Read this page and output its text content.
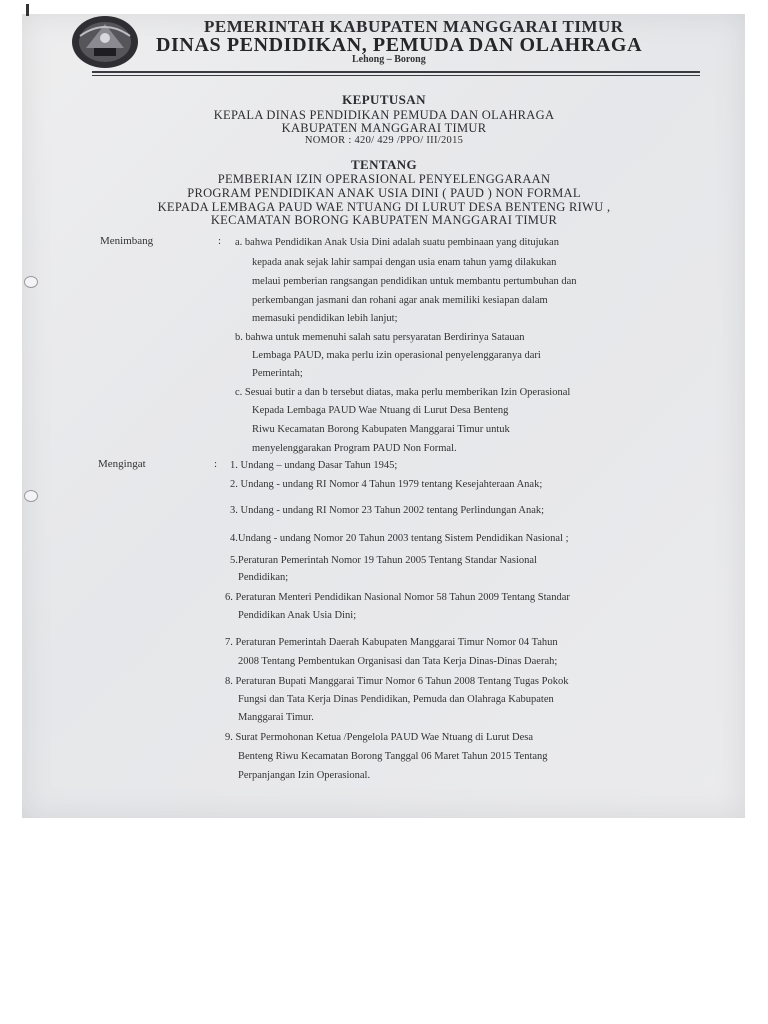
PEMERINTAH KABUPATEN MANGGARAI TIMUR
DINAS PENDIDIKAN, PEMUDA DAN OLAHRAGA
Lehong – Borong
KEPUTUSAN
KEPALA DINAS PENDIDIKAN PEMUDA DAN OLAHRAGA
KABUPATEN MANGGARAI TIMUR
NOMOR : 420/ 429 /PPO/ III/2015
TENTANG
PEMBERIAN IZIN OPERASIONAL PENYELENGGARAAN
PROGRAM PENDIDIKAN ANAK USIA DINI ( PAUD ) NON FORMAL
KEPADA LEMBAGA PAUD WAE NTUANG DI LURUT DESA BENTENG RIWU ,
KECAMATAN BORONG KABUPATEN MANGGARAI TIMUR
Menimbang	: a. bahwa Pendidikan Anak Usia Dini adalah suatu pembinaan yang ditujukan
kepada anak sejak lahir sampai dengan usia enam tahun yamg dilakukan
melaui pemberian rangsangan pendidikan untuk membantu pertumbuhan dan
perkembangan jasmani dan rohani agar anak memiliki kesiapan dalam
memasuki pendidikan lebih lanjut;
b. bahwa untuk memenuhi salah satu persyaratan Berdirinya Satauan
Lembaga PAUD, maka perlu izin operasional penyelenggaranya dari
Pemerintah;
c. Sesuai butir a dan b tersebut diatas, maka perlu memberikan Izin Operasional
Kepada Lembaga PAUD Wae Ntuang di Lurut Desa Benteng
Riwu Kecamatan Borong Kabupaten Manggarai Timur untuk
menyelenggarakan Program PAUD Non Formal.
Mengingat	: 1. Undang – undang Dasar Tahun 1945;
2. Undang - undang RI Nomor 4 Tahun 1979 tentang Kesejahteraan Anak;
3. Undang - undang RI Nomor 23 Tahun 2002 tentang Perlindungan Anak;
4.Undang - undang Nomor 20 Tahun 2003 tentang Sistem Pendidikan Nasional ;
5.Peraturan Pemerintah Nomor 19 Tahun 2005 Tentang Standar Nasional
Pendidikan;
6. Peraturan Menteri Pendidikan Nasional Nomor 58 Tahun 2009 Tentang Standar
Pendidikan Anak Usia Dini;
7. Peraturan Pemerintah Daerah Kabupaten Manggarai Timur Nomor 04 Tahun
2008 Tentang Pembentukan Organisasi dan Tata Kerja Dinas-Dinas Daerah;
8. Peraturan Bupati Manggarai Timur Nomor 6 Tahun 2008 Tentang Tugas Pokok
Fungsi dan Tata Kerja Dinas Pendidikan, Pemuda dan Olahraga Kabupaten
Manggarai Timur.
9. Surat Permohonan Ketua /Pengelola PAUD Wae Ntuang di Lurut Desa
Benteng Riwu Kecamatan Borong Tanggal 06 Maret Tahun 2015 Tentang
Perpanjangan Izin Operasional.
